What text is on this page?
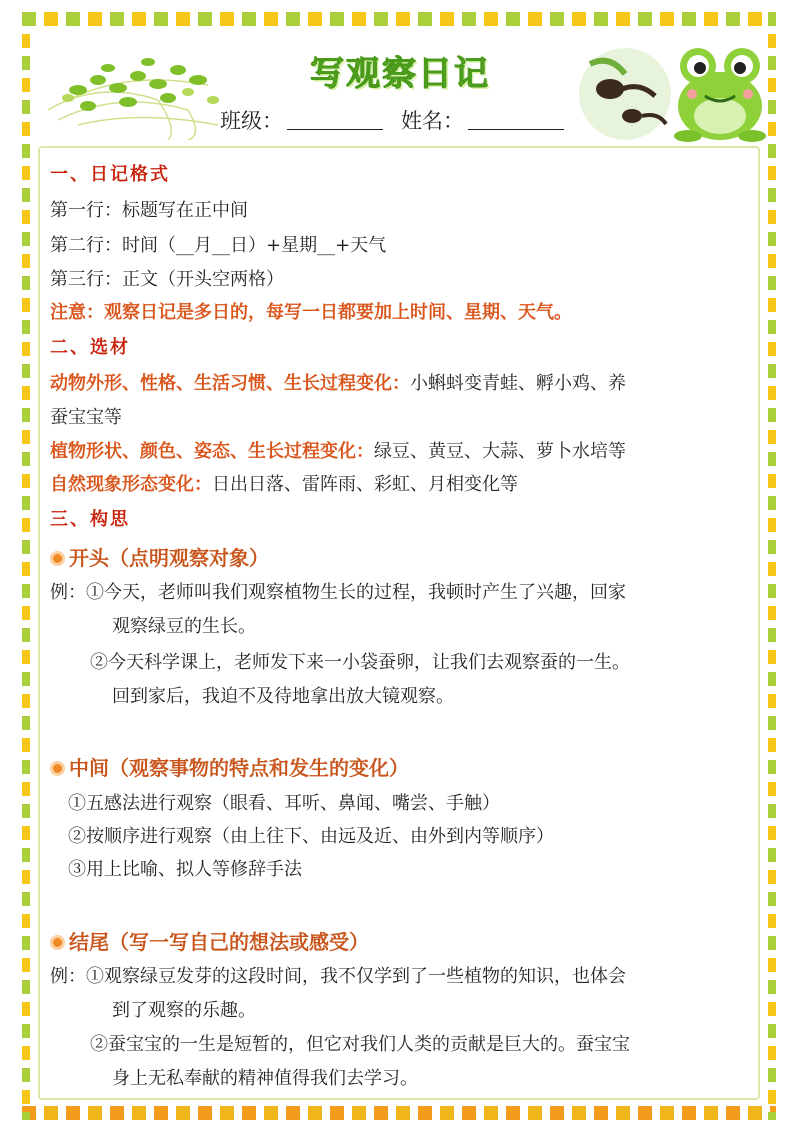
写观察日记
班级：	姓名：
一、日记格式
第一行：标题写在正中间
第二行：时间（__月__日）+星期__+天气
第三行：正文（开头空两格）
注意：观察日记是多日的，每写一日都要加上时间、星期、天气。
二、选材
动物外形、性格、生活习惯、生长过程变化：小蝌蚪变青蛙、孵小鸡、养
蚕宝宝等
植物形状、颜色、姿态、生长过程变化：绿豆、黄豆、大蒜、萝卜水培等
自然现象形态变化：日出日落、雷阵雨、彩虹、月相变化等
三、构思
开头（点明观察对象）
例：①今天，老师叫我们观察植物生长的过程，我顿时产生了兴趣，回家
观察绿豆的生长。
②今天科学课上，老师发下来一小袋蚕卵，让我们去观察蚕的一生。
回到家后，我迫不及待地拿出放大镜观察。
中间（观察事物的特点和发生的变化）
①五感法进行观察（眼看、耳听、鼻闻、嘴尝、手触）
②按顺序进行观察（由上往下、由远及近、由外到内等顺序）
③用上比喻、拟人等修辞手法
结尾（写一写自己的想法或感受）
例：①观察绿豆发芽的这段时间，我不仅学到了一些植物的知识，也体会
到了观察的乐趣。
②蚕宝宝的一生是短暂的，但它对我们人类的贡献是巨大的。蚕宝宝
身上无私奉献的精神值得我们去学习。
